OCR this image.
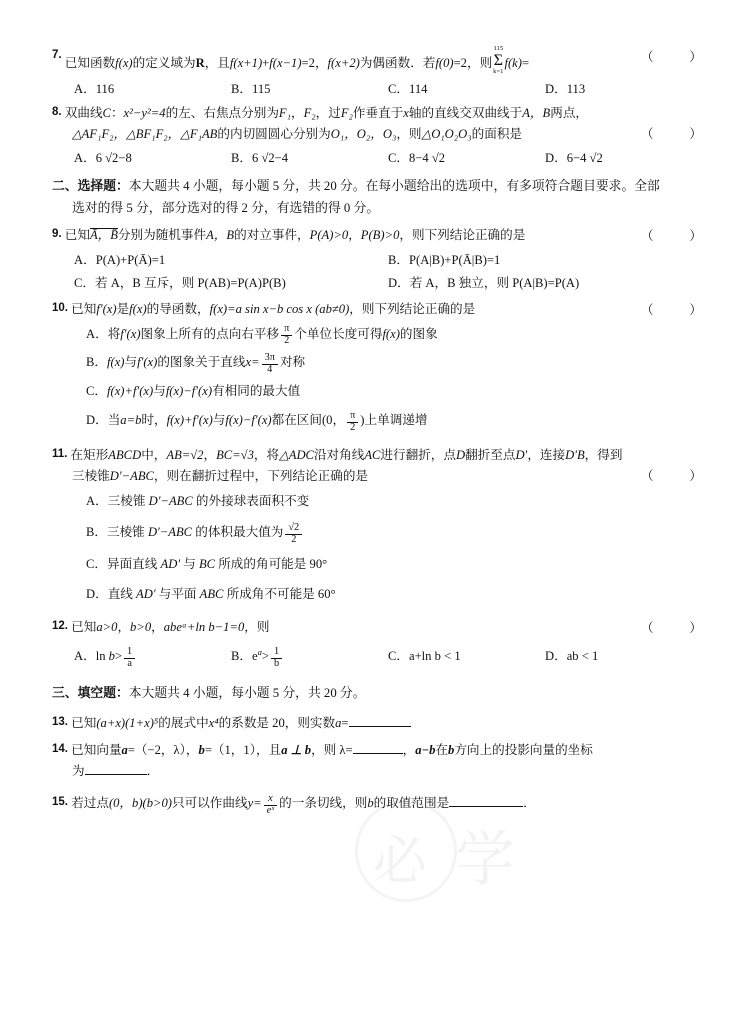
必 学
（	）
7. 已知函数f(x)的定义域为R，且f(x+1)+f(x−1)=2，f(x+2)为偶函数．若f(0)=2，则
115
Σ
k=1
f(k)=
A．116	B．115	C．114	D．113
8. 双曲线C：x²−y²=4的左、右焦点分别为F₁，F₂，过F₂作垂直于x轴的直线交双曲线于A，B两点，
（	）
△AF₁F₂，△BF₁F₂，△F₁AB的内切圆圆心分别为O₁，O₂，O₃，则△O₁O₂O₃的面积是
A．6 √2−8	B．6 √2−4	C．8−4 √2	D．6−4 √2
二、选择题：本大题共 4 小题，每小题 5 分，共 20 分。在每小题给出的选项中，有多项符合题目要求。全部
选对的得 5 分，部分选对的得 2 分，有选错的得 0 分。
（	）
9. 已知Ā，B̄分别为随机事件A，B的对立事件，P(A)>0，P(B)>0，则下列结论正确的是
A．P(A)+P(Ā)=1	B．P(A|B)+P(Ā|B)=1
C．若 A，B 互斥，则 P(AB)=P(A)P(B)	D．若 A，B 独立，则 P(A|B)=P(A)
（	）
10. 已知f′(x)是f(x)的导函数，f(x)=a sin x−b cos x (ab≠0)，则下列结论正确的是
A．将f′(x)图象上所有的点向右平移 $\frac{\pi}{2}$ 个单位长度可得f(x)的图象
B．f(x)与f′(x)的图象关于直线$x= \frac{3\pi}{4}$ 对称
C．f(x)+f′(x)与f(x)−f′(x)有相同的最大值
D．当a=b时，f(x)+f′(x)与f(x)−f′(x)都在区间(0， $\frac{\pi}{2}$ )上单调递增
11. 在矩形ABCD中，AB=√2，BC=√3，将△ADC沿对角线AC进行翻折，点D翻折至点D′，连接D′B，得到
（	）
三棱锥D′−ABC，则在翻折过程中，下列结论正确的是
A．三棱锥 D′−ABC 的外接球表面积不变
B．三棱锥 D′−ABC 的体积最大值为 $\frac{√2}{2}$
C．异面直线 AD′ 与 BC 所成的角可能是 90°
D．直线 AD′ 与平面 ABC 所成角不可能是 60°
（	）
12. 已知a>0，b>0，abeᵃ+ln b−1=0，则
A．$\ln b> \frac{1}{a}$	B．$e^a> \frac{1}{b}$	C．a+ln b < 1	D．ab < 1
三、填空题：本大题共 4 小题，每小题 5 分，共 20 分。
13. 已知(a+x)(1+x)⁵的展式中x⁴的系数是 20，则实数a=
14. 已知向量a=（−2，λ），b=（1，1），且a ⊥ b，则 λ=	，a−b在b方向上的投影向量的坐标
为	．
15. 若过点(0，b)(b>0)只可以作曲线$y= \frac{x}{\text{eˣ}}$ 的一条切线，则b的取值范围是	．
